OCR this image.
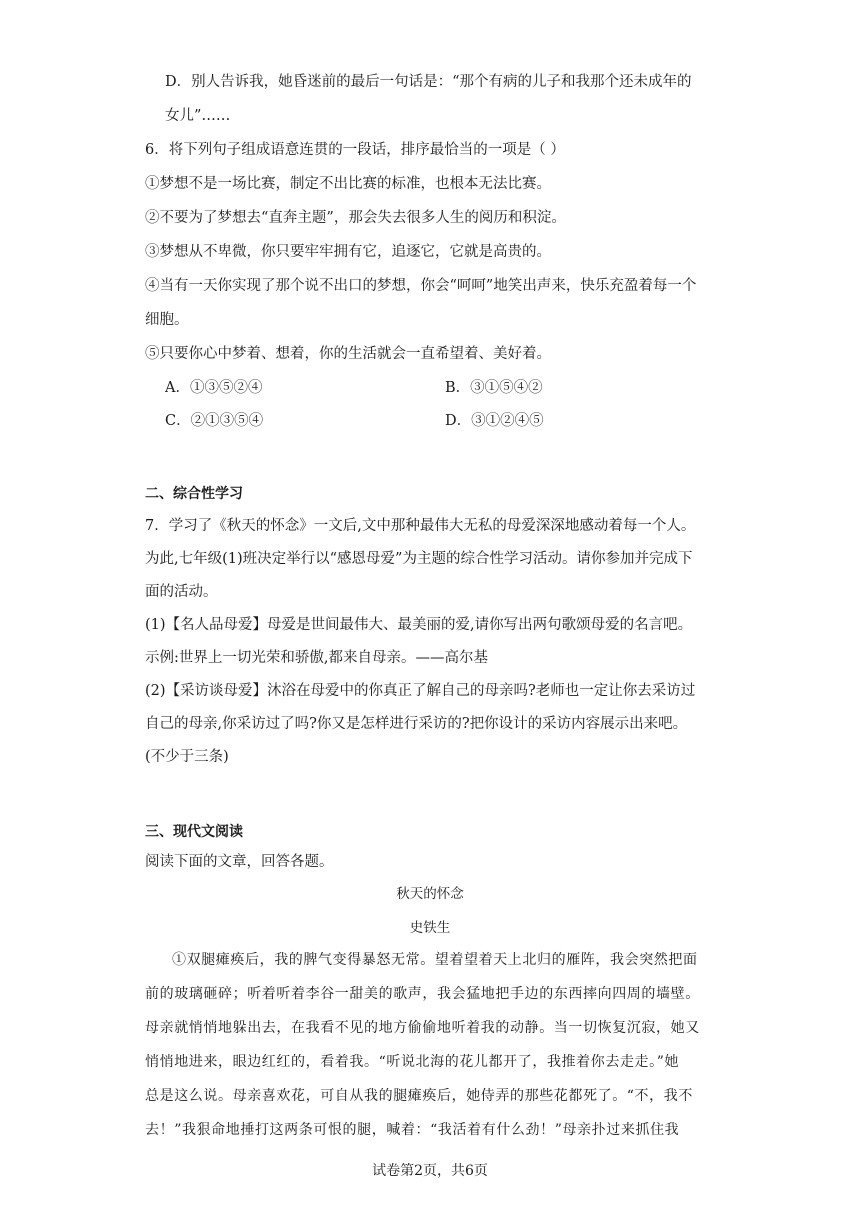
D．别人告诉我，她昏迷前的最后一句话是：“那个有病的儿子和我那个还未成年的
女儿”……
6．将下列句子组成语意连贯的一段话，排序最恰当的一项是（ ）
①梦想不是一场比赛，制定不出比赛的标准，也根本无法比赛。
②不要为了梦想去“直奔主题”，那会失去很多人生的阅历和积淀。
③梦想从不卑微，你只要牢牢拥有它，追逐它，它就是高贵的。
④当有一天你实现了那个说不出口的梦想，你会“呵呵”地笑出声来，快乐充盈着每一个
细胞。
⑤只要你心中梦着、想着，你的生活就会一直希望着、美好着。
A．①③⑤②④	B．③①⑤④②
C．②①③⑤④	D．③①②④⑤
二、综合性学习
7．学习了《秋天的怀念》一文后,文中那种最伟大无私的母爱深深地感动着每一个人。
为此,七年级(1)班决定举行以“感恩母爱”为主题的综合性学习活动。请你参加并完成下
面的活动。
(1)【名人品母爱】母爱是世间最伟大、最美丽的爱,请你写出两句歌颂母爱的名言吧。
示例:世界上一切光荣和骄傲,都来自母亲。——高尔基
(2)【采访谈母爱】沐浴在母爱中的你真正了解自己的母亲吗?老师也一定让你去采访过
自己的母亲,你采访过了吗?你又是怎样进行采访的?把你设计的采访内容展示出来吧。
(不少于三条)
三、现代文阅读
阅读下面的文章，回答各题。
秋天的怀念
史铁生
①双腿瘫痪后，我的脾气变得暴怒无常。望着望着天上北归的雁阵，我会突然把面
前的玻璃砸碎；听着听着李谷一甜美的歌声，我会猛地把手边的东西摔向四周的墙壁。
母亲就悄悄地躲出去，在我看不见的地方偷偷地听着我的动静。当一切恢复沉寂，她又
悄悄地进来，眼边红红的，看着我。“听说北海的花儿都开了，我推着你去走走。”她
总是这么说。母亲喜欢花，可自从我的腿瘫痪后，她侍弄的那些花都死了。“不，我不
去！”我狠命地捶打这两条可恨的腿，喊着：“我活着有什么劲！”母亲扑过来抓住我
试卷第2页，共6页
